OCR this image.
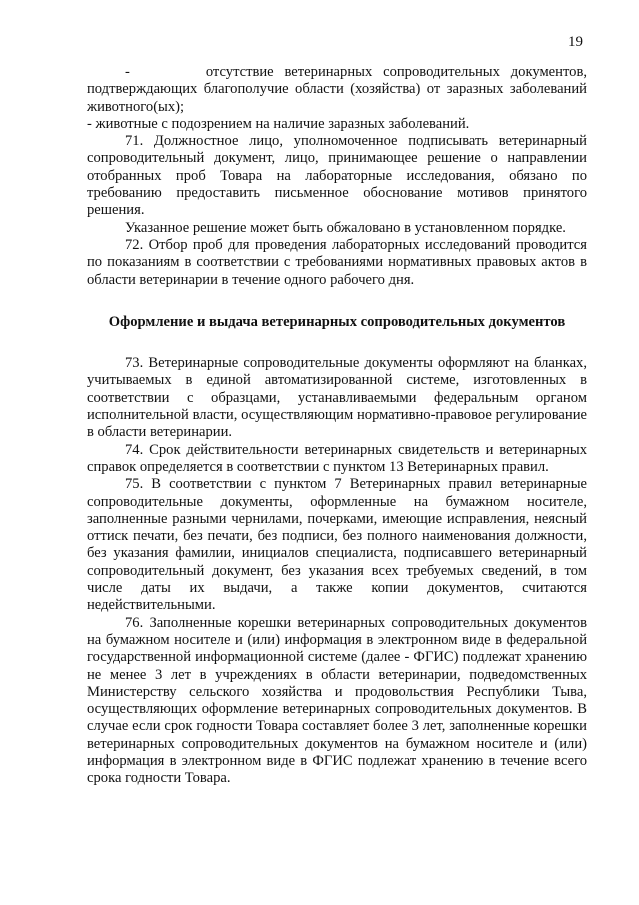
19

-       отсутствие ветеринарных сопроводительных документов, подтверждающих благополучие области (хозяйства) от заразных заболеваний животного(ых);

- животные с подозрением на наличие заразных заболеваний.

71. Должностное лицо, уполномоченное подписывать ветеринарный сопроводительный документ, лицо, принимающее решение о направлении отобранных проб Товара на лабораторные исследования, обязано по требованию предоставить письменное обоснование мотивов принятого решения.

Указанное решение может быть обжаловано в установленном порядке.

72. Отбор проб для проведения лабораторных исследований проводится по показаниям в соответствии с требованиями нормативных правовых актов в области ветеринарии в течение одного рабочего дня.

Оформление и выдача ветеринарных сопроводительных документов

73. Ветеринарные сопроводительные документы оформляют на бланках, учитываемых в единой автоматизированной системе, изготовленных в соответствии с образцами, устанавливаемыми федеральным органом исполнительной власти, осуществляющим нормативно-правовое регулирование в области ветеринарии.

74. Срок действительности ветеринарных свидетельств и ветеринарных справок определяется в соответствии с пунктом 13 Ветеринарных правил.

75. В соответствии с пунктом 7 Ветеринарных правил ветеринарные сопроводительные документы, оформленные на бумажном носителе, заполненные разными чернилами, почерками, имеющие исправления, неясный оттиск печати, без печати, без подписи, без полного наименования должности, без указания фамилии, инициалов специалиста, подписавшего ветеринарный сопроводительный документ, без указания всех требуемых сведений, в том числе даты их выдачи, а также копии документов, считаются недействительными.

76. Заполненные корешки ветеринарных сопроводительных документов на бумажном носителе и (или) информация в электронном виде в федеральной государственной информационной системе (далее - ФГИС) подлежат хранению не менее 3 лет в учреждениях в области ветеринарии, подведомственных Министерству сельского хозяйства и продовольствия Республики Тыва, осуществляющих оформление ветеринарных сопроводительных документов. В случае если срок годности Товара составляет более 3 лет, заполненные корешки ветеринарных сопроводительных документов на бумажном носителе и (или) информация в электронном виде в ФГИС подлежат хранению в течение всего срока годности Товара.
